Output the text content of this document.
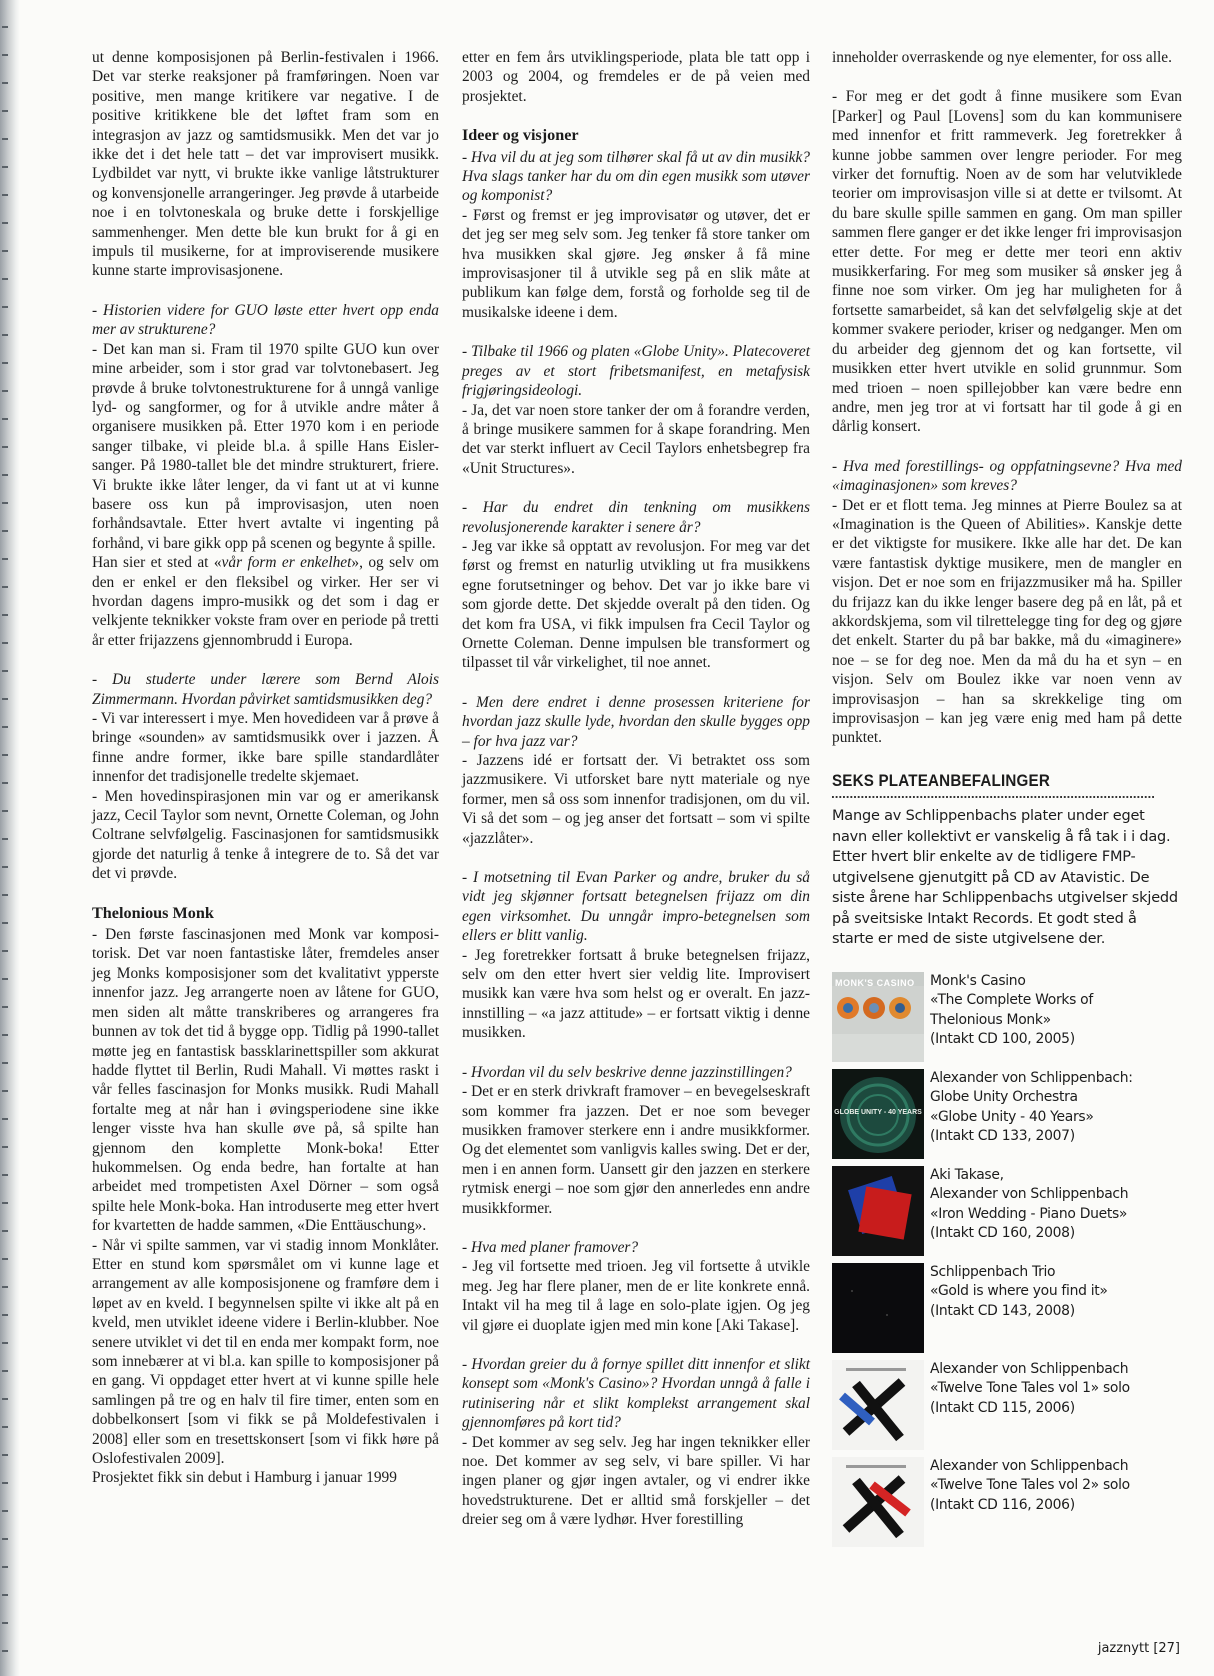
ut denne komposisjonen på Berlin-festivalen i 1966. Det var sterke reaksjoner på framføringen. Noen var positive, men mange kritikere var negative. I de positive kritikkene ble det løftet fram som en integrasjon av jazz og samtidsmusikk. Men det var jo ikke det i det hele tatt – det var improvisert musikk. Lydbildet var nytt, vi brukte ikke vanlige låtstrukturer og konvensjonelle arrangeringer. Jeg prøvde å utarbeide noe i en tolvtoneskala og bruke dette i forskjellige sammenhenger. Men dette ble kun brukt for å gi en impuls til musikerne, for at improviserende musikere kunne starte improvisasjonene.

- Historien videre for GUO løste etter hvert opp enda mer av strukturene?

- Det kan man si. Fram til 1970 spilte GUO kun over mine arbeider, som i stor grad var tolvtonebasert. Jeg prøvde å bruke tolvtonestrukturene for å unngå vanlige lyd- og sangformer, og for å utvikle andre måter å organisere musikken på. Etter 1970 kom i en periode sanger tilbake, vi pleide bl.a. å spille Hans Eisler-sanger. På 1980-tallet ble det mindre strukturert, friere. Vi brukte ikke låter lenger, da vi fant ut at vi kunne basere oss kun på improvisasjon, uten noen forhåndsavtale. Etter hvert avtalte vi ingenting på forhånd, vi bare gikk opp på scenen og begynte å spille.

Han sier et sted at «vår form er enkelhet», og selv om den er enkel er den fleksibel og virker. Her ser vi hvordan dagens impro-musikk og det som i dag er velkjente teknikker vokste fram over en periode på tretti år etter frijazzens gjennombrudd i Europa.

- Du studerte under lærere som Bernd Alois Zimmermann. Hvordan påvirket samtidsmusikken deg?

- Vi var interessert i mye. Men hovedideen var å prøve å bringe «sounden» av samtidsmusikk over i jazzen. Å finne andre former, ikke bare spille standardlåter innenfor det tradisjonelle tredelte skjemaet.

- Men hovedinspirasjonen min var og er amerikansk jazz, Cecil Taylor som nevnt, Ornette Coleman, og John Coltrane selvfølgelig. Fascinasjonen for samtidsmusikk gjorde det naturlig å tenke å integrere de to. Så det var det vi prøvde.

Thelonious Monk

- Den første fascinasjonen med Monk var kompositorisk. Det var noen fantastiske låter, fremdeles anser jeg Monks komposisjoner som det kvalitativt ypperste innenfor jazz. Jeg arrangerte noen av låtene for GUO, men siden alt måtte transkriberes og arrangeres fra bunnen av tok det tid å bygge opp. Tidlig på 1990-tallet møtte jeg en fantastisk bassklarinettspiller som akkurat hadde flyttet til Berlin, Rudi Mahall. Vi møttes raskt i vår felles fascinasjon for Monks musikk. Rudi Mahall fortalte meg at når han i øvingsperiodene sine ikke lenger visste hva han skulle øve på, så spilte han gjennom den komplette Monk-boka! Etter hukommelsen. Og enda bedre, han fortalte at han arbeidet med trompetisten Axel Dörner – som også spilte hele Monk-boka. Han introduserte meg etter hvert for kvartetten de hadde sammen, «Die Enttäuschung».

- Når vi spilte sammen, var vi stadig innom Monklåter. Etter en stund kom spørsmålet om vi kunne lage et arrangement av alle komposisjonene og framføre dem i løpet av en kveld. I begynnelsen spilte vi ikke alt på en kveld, men utviklet ideene videre i Berlin-klubber. Noe senere utviklet vi det til en enda mer kompakt form, noe som innebærer at vi bl.a. kan spille to komposisjoner på en gang. Vi oppdaget etter hvert at vi kunne spille hele samlingen på tre og en halv til fire timer, enten som en dobbelkonsert [som vi fikk se på Moldefestivalen i 2008] eller som en tresettskonsert [som vi fikk høre på Oslofestivalen 2009].

Prosjektet fikk sin debut i Hamburg i januar 1999

etter en fem års utviklingsperiode, plata ble tatt opp i 2003 og 2004, og fremdeles er de på veien med prosjektet.

Ideer og visjoner

- Hva vil du at jeg som tilhører skal få ut av din musikk? Hva slags tanker har du om din egen musikk som utøver og komponist?

- Først og fremst er jeg improvisatør og utøver, det er det jeg ser meg selv som. Jeg tenker få store tanker om hva musikken skal gjøre. Jeg ønsker å få mine improvisasjoner til å utvikle seg på en slik måte at publikum kan følge dem, forstå og forholde seg til de musikalske ideene i dem.

- Tilbake til 1966 og platen «Globe Unity». Platecoveret preges av et stort fribetsmanifest, en metafysisk frigjøringsideologi.

- Ja, det var noen store tanker der om å forandre verden, å bringe musikere sammen for å skape forandring. Men det var sterkt influert av Cecil Taylors enhetsbegrep fra «Unit Structures».

- Har du endret din tenkning om musikkens revolusjonerende karakter i senere år?

- Jeg var ikke så opptatt av revolusjon. For meg var det først og fremst en naturlig utvikling ut fra musikkens egne forutsetninger og behov. Det var jo ikke bare vi som gjorde dette. Det skjedde overalt på den tiden. Og det kom fra USA, vi fikk impulsen fra Cecil Taylor og Ornette Coleman. Denne impulsen ble transformert og tilpasset til vår virkelighet, til noe annet.

- Men dere endret i denne prosessen kriteriene for hvordan jazz skulle lyde, hvordan den skulle bygges opp – for hva jazz var?

- Jazzens idé er fortsatt der. Vi betraktet oss som jazzmusikere. Vi utforsket bare nytt materiale og nye former, men så oss som innenfor tradisjonen, om du vil. Vi så det som – og jeg anser det fortsatt – som vi spilte «jazzlåter».

- I motsetning til Evan Parker og andre, bruker du så vidt jeg skjønner fortsatt betegnelsen frijazz om din egen virksomhet. Du unngår impro-betegnelsen som ellers er blitt vanlig.

- Jeg foretrekker fortsatt å bruke betegnelsen frijazz, selv om den etter hvert sier veldig lite. Improvisert musikk kan være hva som helst og er overalt. En jazz-innstilling – «a jazz attitude» – er fortsatt viktig i denne musikken.

- Hvordan vil du selv beskrive denne jazzinstillingen?

- Det er en sterk drivkraft framover – en bevegelseskraft som kommer fra jazzen. Det er noe som beveger musikken framover sterkere enn i andre musikkformer. Og det elementet som vanligvis kalles swing. Det er der, men i en annen form. Uansett gir den jazzen en sterkere rytmisk energi – noe som gjør den annerledes enn andre musikkformer.

- Hva med planer framover?

- Jeg vil fortsette med trioen. Jeg vil fortsette å utvikle meg. Jeg har flere planer, men de er lite konkrete ennå. Intakt vil ha meg til å lage en solo-plate igjen. Og jeg vil gjøre ei duoplate igjen med min kone [Aki Takase].

- Hvordan greier du å fornye spillet ditt innenfor et slikt konsept som «Monk's Casino»? Hvordan unngå å falle i rutinisering når et slikt komplekst arrangement skal gjennomføres på kort tid?

- Det kommer av seg selv. Jeg har ingen teknikker eller noe. Det kommer av seg selv, vi bare spiller. Vi har ingen planer og gjør ingen avtaler, og vi endrer ikke hovedstrukturene. Det er alltid små forskjeller – det dreier seg om å være lydhør. Hver forestilling

inneholder overraskende og nye elementer, for oss alle.

- For meg er det godt å finne musikere som Evan [Parker] og Paul [Lovens] som du kan kommunisere med innenfor et fritt rammeverk. Jeg foretrekker å kunne jobbe sammen over lengre perioder. For meg virker det fornuftig. Noen av de som har velutviklede teorier om improvisasjon ville si at dette er tvilsomt. At du bare skulle spille sammen en gang. Om man spiller sammen flere ganger er det ikke lenger fri improvisasjon etter dette. For meg er dette mer teori enn aktiv musikkerfaring. For meg som musiker så ønsker jeg å finne noe som virker. Om jeg har muligheten for å fortsette samarbeidet, så kan det selvfølgelig skje at det kommer svakere perioder, kriser og nedganger. Men om du arbeider deg gjennom det og kan fortsette, vil musikken etter hvert utvikle en solid grunnmur. Som med trioen – noen spillejobber kan være bedre enn andre, men jeg tror at vi fortsatt har til gode å gi en dårlig konsert.

- Hva med forestillings- og oppfatningsevne? Hva med «imaginasjonen» som kreves?

- Det er et flott tema. Jeg minnes at Pierre Boulez sa at «Imagination is the Queen of Abilities». Kanskje dette er det viktigste for musikere. Ikke alle har det. De kan være fantastisk dyktige musikere, men de mangler en visjon. Det er noe som en frijazzmusiker må ha. Spiller du frijazz kan du ikke lenger basere deg på en låt, på et akkordskjema, som vil tilrettelegge ting for deg og gjøre det enkelt. Starter du på bar bakke, må du «imaginere» noe – se for deg noe. Men da må du ha et syn – en visjon. Selv om Boulez ikke var noen venn av improvisasjon – han sa skrekkelige ting om improvisasjon – kan jeg være enig med ham på dette punktet.

SEKS PLATEANBEFALINGER
Mange av Schlippenbachs plater under eget navn eller kollektivt er vanskelig å få tak i i dag. Etter hvert blir enkelte av de tidligere FMP-utgivelsene gjenutgitt på CD av Atavistic. De siste årene har Schlippenbachs utgivelser skjedd på sveitsiske Intakt Records. Et godt sted å starte er med de siste utgivelsene der.
MONK'S CASINO	Monk's Casino
«The Complete Works of
Thelonious Monk»
(Intakt CD 100, 2005)
GLOBE UNITY - 40 YEARS
Alexander von Schlippenbach:
Globe Unity Orchestra
«Globe Unity - 40 Years»
(Intakt CD 133, 2007)
Aki Takase,
Alexander von Schlippenbach
«Iron Wedding - Piano Duets»
(Intakt CD 160, 2008)
Schlippenbach Trio
«Gold is where you find it»
(Intakt CD 143, 2008)
Alexander von Schlippenbach
«Twelve Tone Tales vol 1» solo
(Intakt CD 115, 2006)
Alexander von Schlippenbach
«Twelve Tone Tales vol 2» solo
(Intakt CD 116, 2006)
jazznytt [27]
